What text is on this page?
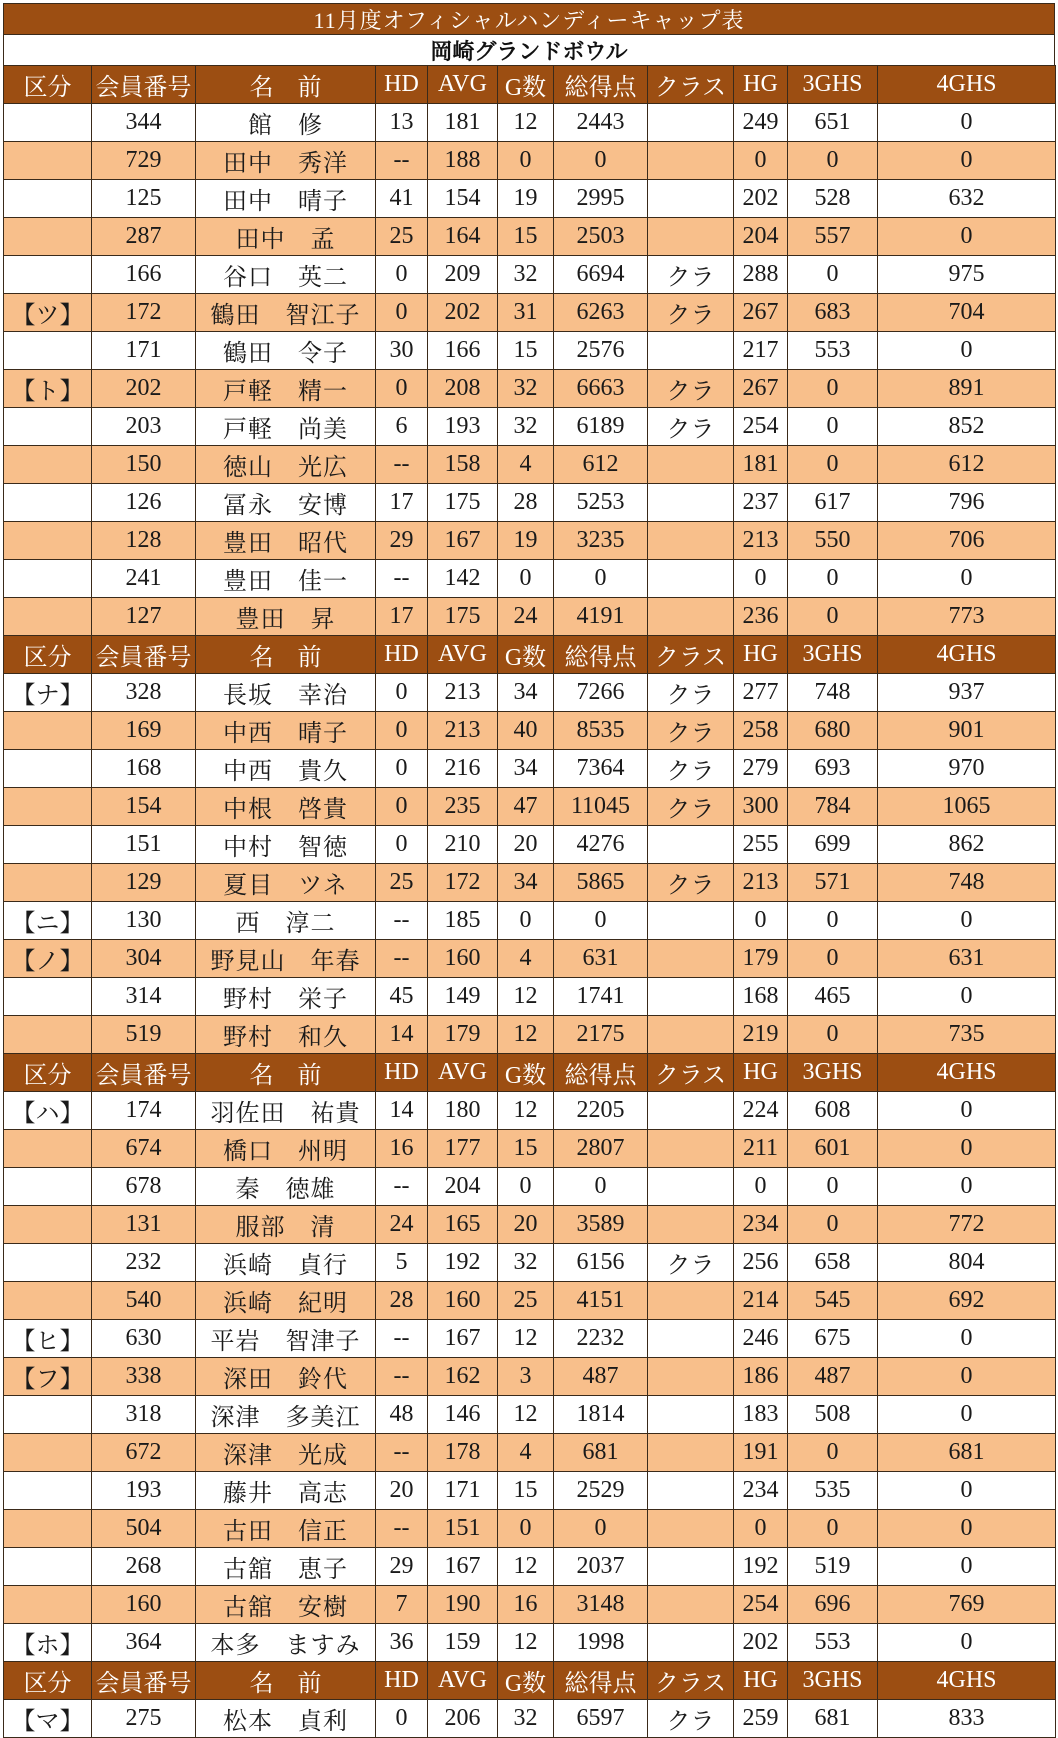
11月度オフィシャルハンディーキャップ表
岡崎グランドボウル
区分	会員番号	名　前	HD	AVG	G数	総得点	クラス	HG	3GHS	4GHS
	344	館　修	13	181	12	2443		249	651	0
	729	田中　秀洋	--	188	0	0		0	0	0
	125	田中　晴子	41	154	19	2995		202	528	632
	287	田中　孟	25	164	15	2503		204	557	0
	166	谷口　英二	0	209	32	6694	クラ	288	0	975
【ツ】	172	鶴田　智江子	0	202	31	6263	クラ	267	683	704
	171	鶴田　令子	30	166	15	2576		217	553	0
【ト】	202	戸軽　精一	0	208	32	6663	クラ	267	0	891
	203	戸軽　尚美	6	193	32	6189	クラ	254	0	852
	150	徳山　光広	--	158	4	612		181	0	612
	126	冨永　安博	17	175	28	5253		237	617	796
	128	豊田　昭代	29	167	19	3235		213	550	706
	241	豊田　佳一	--	142	0	0		0	0	0
	127	豊田　昇	17	175	24	4191		236	0	773
区分	会員番号	名　前	HD	AVG	G数	総得点	クラス	HG	3GHS	4GHS
【ナ】	328	長坂　幸治	0	213	34	7266	クラ	277	748	937
	169	中西　晴子	0	213	40	8535	クラ	258	680	901
	168	中西　貴久	0	216	34	7364	クラ	279	693	970
	154	中根　啓貴	0	235	47	11045	クラ	300	784	1065
	151	中村　智徳	0	210	20	4276		255	699	862
	129	夏目　ツネ	25	172	34	5865	クラ	213	571	748
【ニ】	130	西　淳二	--	185	0	0		0	0	0
【ノ】	304	野見山　年春	--	160	4	631		179	0	631
	314	野村　栄子	45	149	12	1741		168	465	0
	519	野村　和久	14	179	12	2175		219	0	735
区分	会員番号	名　前	HD	AVG	G数	総得点	クラス	HG	3GHS	4GHS
【ハ】	174	羽佐田　祐貴	14	180	12	2205		224	608	0
	674	橋口　州明	16	177	15	2807		211	601	0
	678	秦　徳雄	--	204	0	0		0	0	0
	131	服部　清	24	165	20	3589		234	0	772
	232	浜崎　貞行	5	192	32	6156	クラ	256	658	804
	540	浜崎　紀明	28	160	25	4151		214	545	692
【ヒ】	630	平岩　智津子	--	167	12	2232		246	675	0
【フ】	338	深田　鈴代	--	162	3	487		186	487	0
	318	深津　多美江	48	146	12	1814		183	508	0
	672	深津　光成	--	178	4	681		191	0	681
	193	藤井　高志	20	171	15	2529		234	535	0
	504	古田　信正	--	151	0	0		0	0	0
	268	古舘　恵子	29	167	12	2037		192	519	0
	160	古舘　安樹	7	190	16	3148		254	696	769
【ホ】	364	本多　ますみ	36	159	12	1998		202	553	0
区分	会員番号	名　前	HD	AVG	G数	総得点	クラス	HG	3GHS	4GHS
【マ】	275	松本　貞利	0	206	32	6597	クラ	259	681	833
